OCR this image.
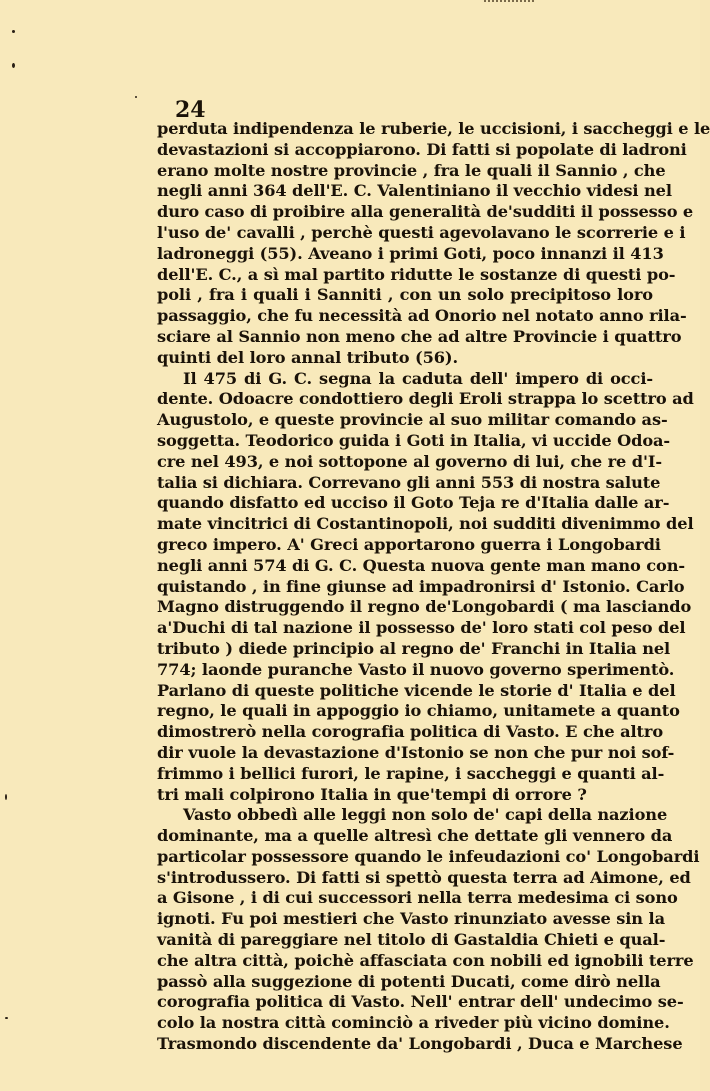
24
perduta indipendenza le ruberie, le uccisioni, i saccheggi e le
devastazioni si accoppiarono. Di fatti si popolate di ladroni
erano molte nostre provincie , fra le quali il Sannio , che
negli anni 364 dell'E. C. Valentiniano il vecchio videsi nel
duro caso di proibire alla generalità de'sudditi il possesso e
l'uso de' cavalli , perchè questi agevolavano le scorrerie e i
ladroneggi (55). Aveano i primi Goti, poco innanzi il 413
dell'E. C., a sì mal partito ridutte le sostanze di questi po-
poli , fra i quali i Sanniti , con un solo precipitoso loro
passaggio, che fu necessità ad Onorio nel notato anno rila-
sciare al Sannio non meno che ad altre Provincie i quattro
quinti del loro annal tributo (56).
Il 475 di G. C. segna la caduta dell' impero di occi-
dente. Odoacre condottiero degli Eroli strappa lo scettro ad
Augustolo, e queste provincie al suo militar comando as-
soggetta. Teodorico guida i Goti in Italia, vi uccide Odoa-
cre nel 493, e noi sottopone al governo di lui, che re d'I-
talia si dichiara. Correvano gli anni 553 di nostra salute
quando disfatto ed ucciso il Goto Teja re d'Italia dalle ar-
mate vincitrici di Costantinopoli, noi sudditi divenimmo del
greco impero. A' Greci apportarono guerra i Longobardi
negli anni 574 di G. C. Questa nuova gente man mano con-
quistando , in fine giunse ad impadronirsi d' Istonio. Carlo
Magno distruggendo il regno de'Longobardi ( ma lasciando
a'Duchi di tal nazione il possesso de' loro stati col peso del
tributo ) diede principio al regno de' Franchi in Italia nel
774; laonde puranche Vasto il nuovo governo sperimentò.
Parlano di queste politiche vicende le storie d' Italia e del
regno, le quali in appoggio io chiamo, unitamete a quanto
dimostrerò nella corografia politica di Vasto. E che altro
dir vuole la devastazione d'Istonio se non che pur noi sof-
frimmo i bellici furori, le rapine, i saccheggi e quanti al-
tri mali colpirono Italia in que'tempi di orrore ?
Vasto obbedì alle leggi non solo de' capi della nazione
dominante, ma a quelle altresì che dettate gli vennero da
particolar possessore quando le infeudazioni co' Longobardi
s'introdussero. Di fatti si spettò questa terra ad Aimone, ed
a Gisone , i di cui successori nella terra medesima ci sono
ignoti. Fu poi mestieri che Vasto rinunziato avesse sin la
vanità di pareggiare nel titolo di Gastaldia Chieti e qual-
che altra città, poichè affasciata con nobili ed ignobili terre
passò alla suggezione di potenti Ducati, come dirò nella
corografia politica di Vasto. Nell' entrar dell' undecimo se-
colo la nostra città cominciò a riveder più vicino domine.
Trasmondo discendente da' Longobardi , Duca e Marchese
